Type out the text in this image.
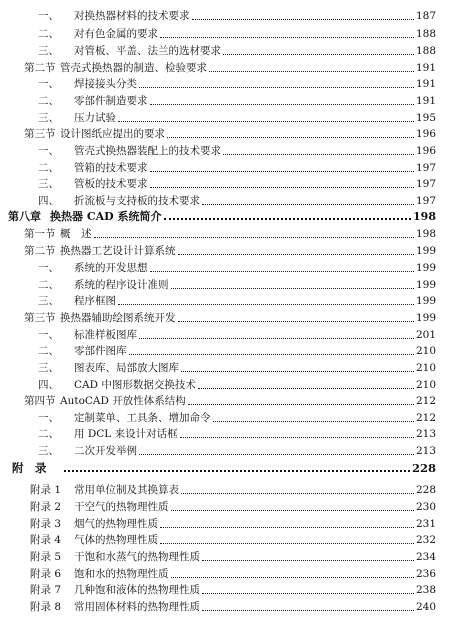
一、	对换热器材料的技术要求	187
二、	对有色金属的要求	188
三、	对管板、平盖、法兰的选材要求	188
第二节 管壳式换热器的制造、检验要求	191
一、	焊接接头分类	191
二、	零部件制造要求	191
三、	压力试验	195
第三节 设计图纸应提出的要求	196
一、	管壳式换热器装配上的技术要求	196
二、	管箱的技术要求	197
三、	管板的技术要求	197
四、	折流板与支持板的技术要求	197
第八章 换热器 CAD 系统简介	198
第一节 概　述	198
第二节 换热器工艺设计计算系统	199
一、	系统的开发思想	199
二、	系统的程序设计准则	199
三、	程序框图	199
第三节 换热器辅助绘图系统开发	199
一、	标准样板图库	201
二、	零部件图库	210
三、	图表库、局部放大图库	210
四、	CAD 中图形数据交换技术	210
第四节 AutoCAD 开放性体系结构	212
一、	定制菜单、工具条、增加命令	212
二、	用 DCL 来设计对话框	213
三、	二次开发举例	213
附　录	228
附录 1	常用单位制及其换算表	228
附录 2	干空气的热物理性质	230
附录 3	烟气的热物理性质	231
附录 4	气体的热物理性质	232
附录 5	干饱和水蒸气的热物理性质	234
附录 6	饱和水的热物理性质	236
附录 7	几种饱和液体的热物理性质	238
附录 8	常用固体材料的热物理性质	240
